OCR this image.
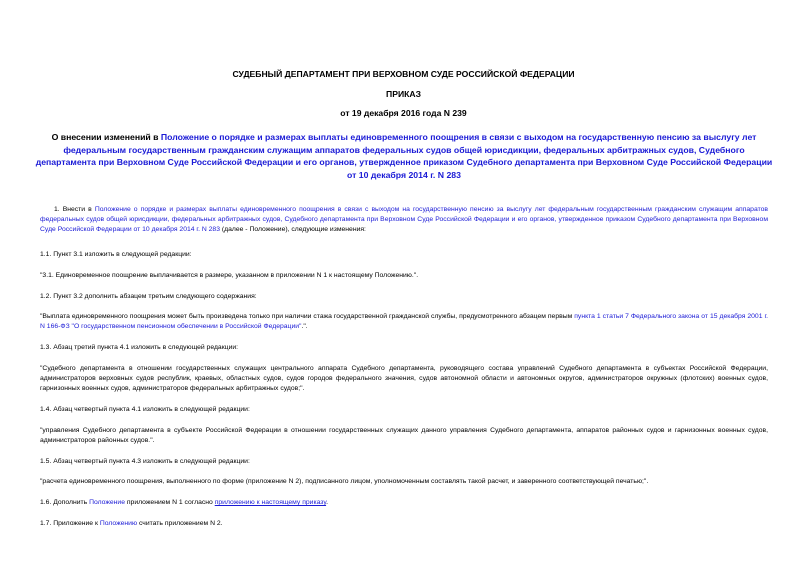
СУДЕБНЫЙ ДЕПАРТАМЕНТ ПРИ ВЕРХОВНОМ СУДЕ РОССИЙСКОЙ ФЕДЕРАЦИИ
ПРИКАЗ
от 19 декабря 2016 года N 239
О внесении изменений в Положение о порядке и размерах выплаты единовременного поощрения в связи с выходом на государственную пенсию за выслугу лет федеральным государственным гражданским служащим аппаратов федеральных судов общей юрисдикции, федеральных арбитражных судов, Судебного департамента при Верховном Суде Российской Федерации и его органов, утвержденное приказом Судебного департамента при Верховном Суде Российской Федерации от 10 декабря 2014 г. N 283
1. Внести в Положение о порядке и размерах выплаты единовременного поощрения в связи с выходом на государственную пенсию за выслугу лет федеральным государственным гражданским служащим аппаратов федеральных судов общей юрисдикции, федеральных арбитражных судов, Судебного департамента при Верховном Суде Российской Федерации и его органов, утвержденное приказом Судебного департамента при Верховном Суде Российской Федерации от 10 декабря 2014 г. N 283 (далее - Положение), следующие изменения:
1.1. Пункт 3.1 изложить в следующей редакции:
"3.1. Единовременное поощрение выплачивается в размере, указанном в приложении N 1 к настоящему Положению.".
1.2. Пункт 3.2 дополнить абзацем третьим следующего содержания:
"Выплата единовременного поощрения может быть произведена только при наличии стажа государственной гражданской службы, предусмотренного абзацем первым пункта 1 статьи 7 Федерального закона от 15 декабря 2001 г. N 166-ФЗ "О государственном пенсионном обеспечении в Российской Федерации".".
1.3. Абзац третий пункта 4.1 изложить в следующей редакции:
"Судебного департамента в отношении государственных служащих центрального аппарата Судебного департамента, руководящего состава управлений Судебного департамента в субъектах Российской Федерации, администраторов верховных судов республик, краевых, областных судов, судов городов федерального значения, судов автономной области и автономных округов, администраторов окружных (флотских) военных судов, гарнизонных военных судов, администраторов федеральных арбитражных судов;".
1.4. Абзац четвертый пункта 4.1 изложить в следующей редакции:
"управления Судебного департамента в субъекте Российской Федерации в отношении государственных служащих данного управления Судебного департамента, аппаратов районных судов и гарнизонных военных судов, администраторов районных судов.".
1.5. Абзац четвертый пункта 4.3 изложить в следующей редакции:
"расчета единовременного поощрения, выполненного по форме (приложение N 2), подписанного лицом, уполномоченным составлять такой расчет, и заверенного соответствующей печатью;".
1.6. Дополнить Положение приложением N 1 согласно приложению к настоящему приказу.
1.7. Приложение к Положению считать приложением N 2.
